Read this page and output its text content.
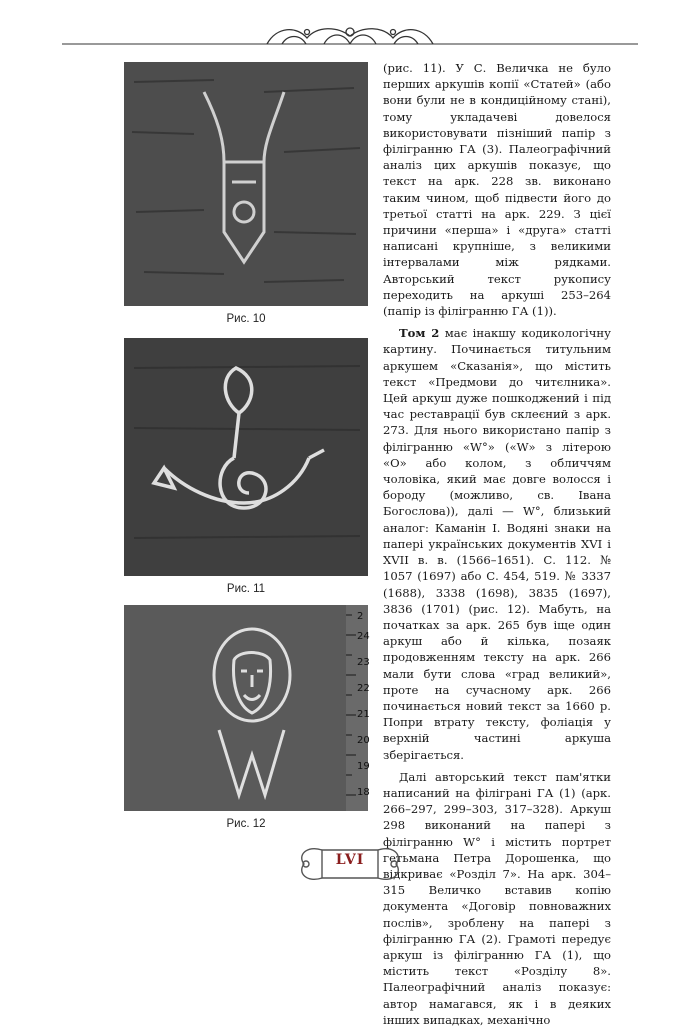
Рис. 10
Рис. 11
2
24
23
22
21
20
19
18
Рис. 12

(рис. 11). У С. Величка не було перших аркушів копії «Статей» (або вони були не в кондиційному стані), тому укладачеві довелося використовувати пізніший папір з філігранню ГА (3). Палеографічний аналіз цих аркушів показує, що текст на арк. 228 зв. виконано таким чином, щоб підвести його до третьої статті на арк. 229. З цієї причини «перша» і «друга» статті написані крупніше, з великими інтервалами між рядками. Авторський текст рукопису переходить на аркуші 253–264 (папір із філігранню ГА (1)).

Том 2 має інакшу кодикологічну картину. Починається титульним аркушем «Сказанія», що містить текст «Предмови до читєлника». Цей аркуш дуже пошкоджений і під час реставрації був склеєний з арк. 273. Для нього використано папір з філігранню «W°» («W» з літерою «O» або колом, з обличчям чоловіка, який має довге волосся і бороду (можливо, св. Івана Богослова)), далі — W°, близький аналог: Каманін І. Водяні знаки на папері українських документів XVI і XVII в. в. (1566–1651). С. 112. № 1057 (1697) або С. 454, 519. № 3337 (1688), 3338 (1698), 3835 (1697), 3836 (1701) (рис. 12). Мабуть, на початках за арк. 265 був іще один аркуш або й кілька, позаяк продовженням тексту на арк. 266 мали бути слова «град великий», проте на сучасному арк. 266 починається новий текст за 1660 р. Попри втрату тексту, фоліація у верхній частині аркуша зберігається.

Далі авторський текст пам'ятки написаний на філіграні ГА (1) (арк. 266–297, 299–303, 317–328). Аркуш 298 виконаний на папері з філігранню W° і містить портрет гетьмана Петра Дорошенка, що відкриває «Розділ 7». На арк. 304–315 Величко вставив копію документа «Договір повноважних послів», зроблену на папері з філігранню ГА (2). Грамоті передує аркуш із філігранню ГА (1), що містить текст «Розділу 8». Палеографічний аналіз показує: автор намагався, як і в деяких інших випадках, механічно

LVI
